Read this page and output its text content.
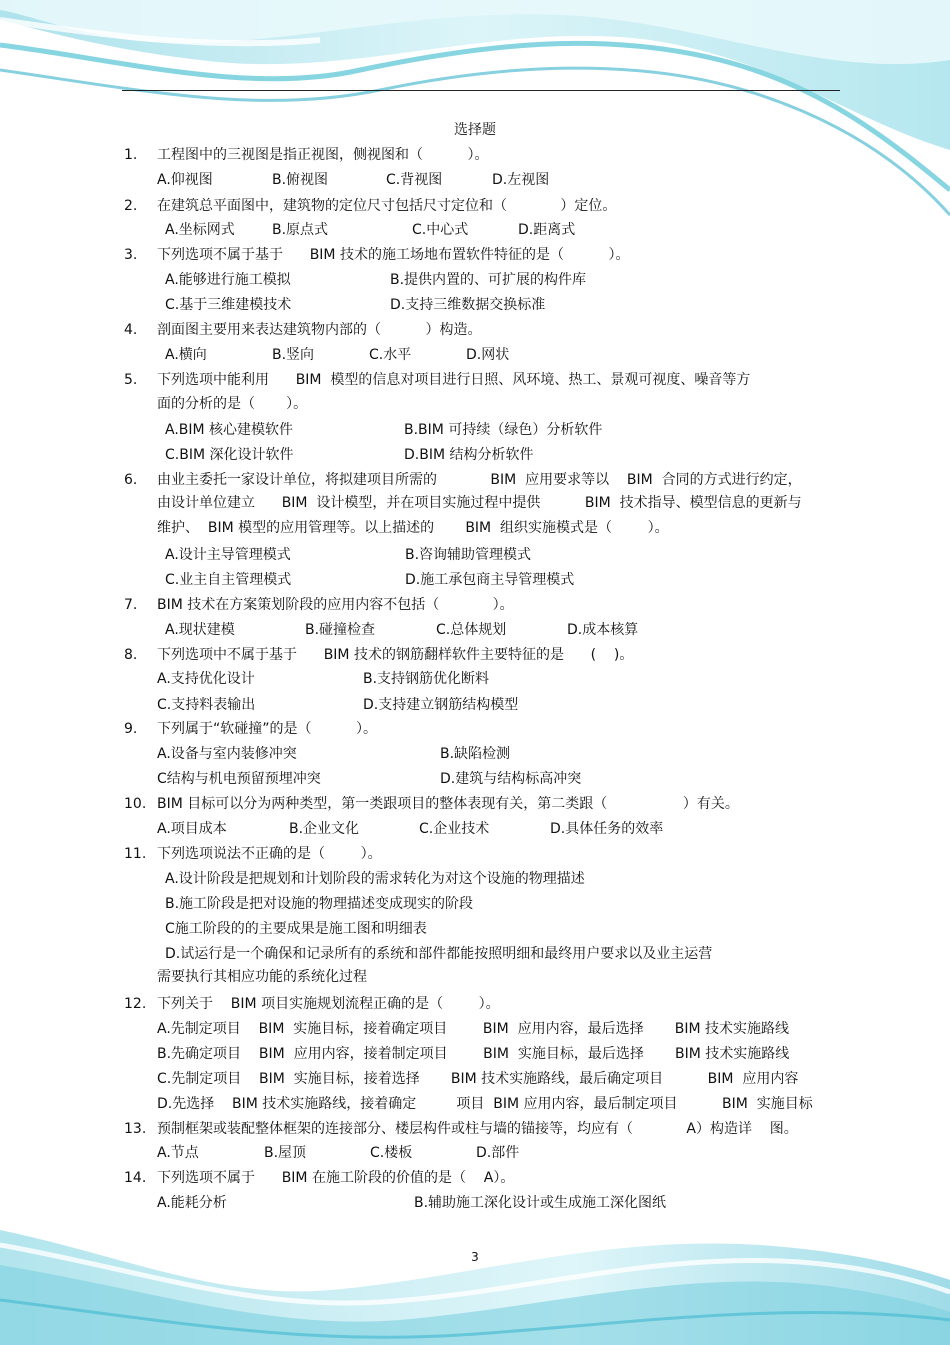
选择题
1. 工程图中的三视图是指正视图，侧视图和（          ）。
A.仰视图	B.俯视图	C.背视图	D.左视图
2. 在建筑总平面图中，建筑物的定位尺寸包括尺寸定位和（            ）定位。
A.坐标网式	B.原点式	C.中心式	D.距离式
3. 下列选项不属于基于      BIM 技术的施工场地布置软件特征的是（          ）。
A.能够进行施工模拟	B.提供内置的、可扩展的构件库
C.基于三维建模技术	D.支持三维数据交换标准
4. 剖面图主要用来表达建筑物内部的（          ）构造。
A.横向	B.竖向	C.水平	D.网状
5. 下列选项中能利用      BIM  模型的信息对项目进行日照、风环境、热工、景观可视度、噪音等方
面的分析的是（       ）。
A.BIM 核心建模软件	B.BIM 可持续（绿色）分析软件
C.BIM 深化设计软件	D.BIM 结构分析软件
6. 由业主委托一家设计单位，将拟建项目所需的            BIM  应用要求等以    BIM  合同的方式进行约定，
由设计单位建立      BIM  设计模型，并在项目实施过程中提供          BIM  技术指导、模型信息的更新与
维护、  BIM 模型的应用管理等。以上描述的       BIM  组织实施模式是（        ）。
A.设计主导管理模式	B.咨询辅助管理模式
C.业主自主管理模式	D.施工承包商主导管理模式
7. BIM 技术在方案策划阶段的应用内容不包括（            ）。
A.现状建模	B.碰撞检查	C.总体规划	D.成本核算
8. 下列选项中不属于基于      BIM 技术的钢筋翻样软件主要特征的是      (    )。
A.支持优化设计	B.支持钢筋优化断料
C.支持料表输出	D.支持建立钢筋结构模型
9. 下列属于“软碰撞”的是（          ）。
A.设备与室内装修冲突	B.缺陷检测
C结构与机电预留预埋冲突	D.建筑与结构标高冲突
10. BIM 目标可以分为两种类型，第一类跟项目的整体表现有关，第二类跟（                 ）有关。
A.项目成本	B.企业文化	C.企业技术	D.具体任务的效率
11. 下列选项说法不正确的是（        ）。
A.设计阶段是把规划和计划阶段的需求转化为对这个设施的物理描述
B.施工阶段是把对设施的物理描述变成现实的阶段
C施工阶段的的主要成果是施工图和明细表
D.试运行是一个确保和记录所有的系统和部件都能按照明细和最终用户要求以及业主运营
需要执行其相应功能的系统化过程
12. 下列关于    BIM 项目实施规划流程正确的是（        ）。
A.先制定项目    BIM  实施目标，接着确定项目        BIM  应用内容，最后选择       BIM 技术实施路线
B.先确定项目    BIM  应用内容，接着制定项目        BIM  实施目标，最后选择       BIM 技术实施路线
C.先制定项目    BIM  实施目标，接着选择       BIM 技术实施路线，最后确定项目          BIM  应用内容
D.先选择    BIM 技术实施路线，接着确定         项目  BIM 应用内容，最后制定项目          BIM  实施目标
13. 预制框架或装配整体框架的连接部分、楼层构件或柱与墙的锚接等，均应有（            A）构造详    图。
A.节点	B.屋顶	C.楼板	D.部件
14. 下列选项不属于      BIM 在施工阶段的价值的是（    A）。
A.能耗分析	B.辅助施工深化设计或生成施工深化图纸
3
